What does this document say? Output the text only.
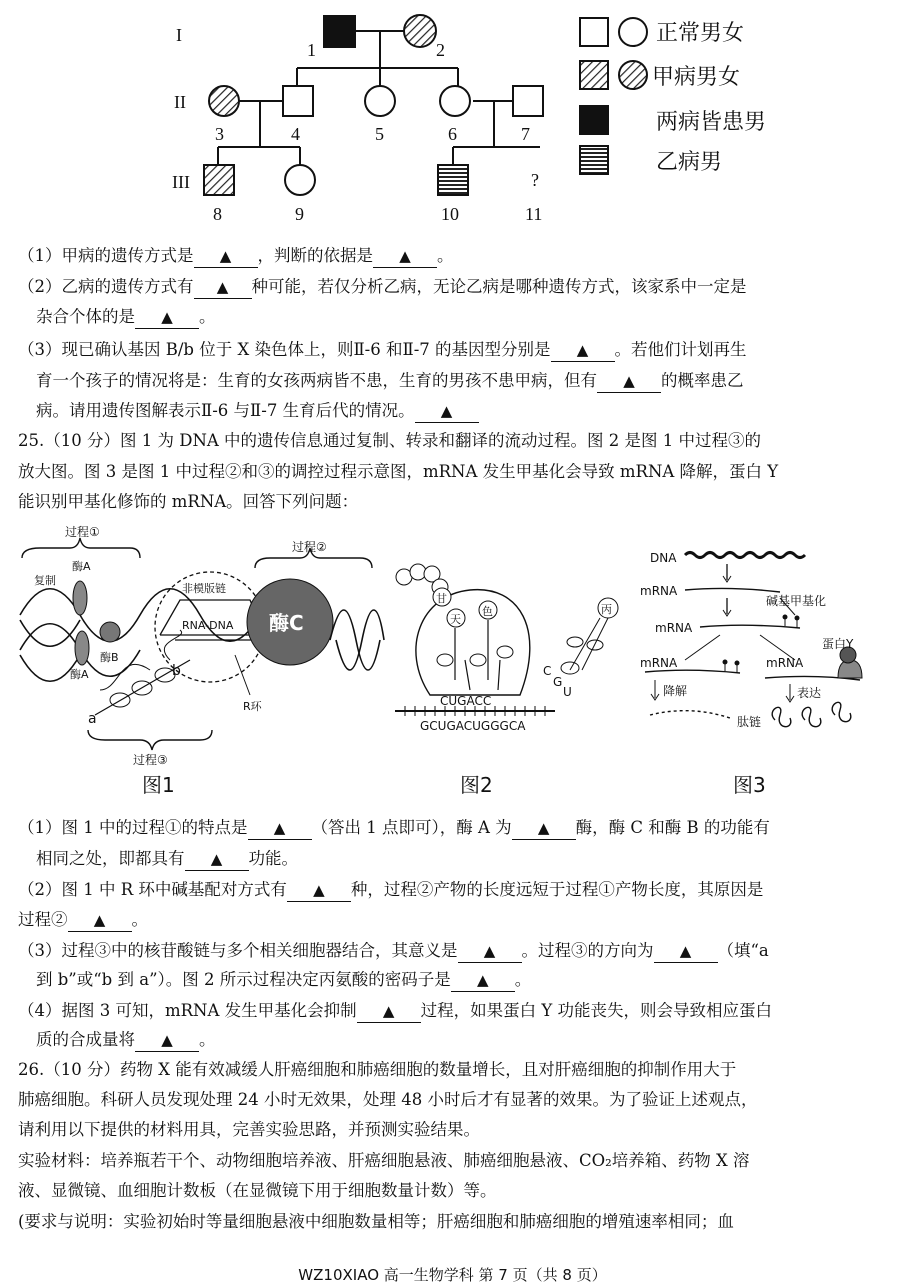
I
II
III
1	2
3	4	5	6	7
8	9	10	11
?
正常男女
甲病男女
两病皆患男
乙病男
（1）甲病的遗传方式是 ▲	，判断的依据是 ▲	。
（2）乙病的遗传方式有 ▲	种可能，若仅分析乙病，无论乙病是哪种遗传方式，该家系中一定是
杂合个体的是 ▲	。
（3）现已确认基因 B/b 位于 X 染色体上，则Ⅱ-6 和Ⅱ-7 的基因型分别是 ▲	。若他们计划再生
育一个孩子的情况将是：生育的女孩两病皆不患，生育的男孩不患甲病，但有 ▲	的概率患乙
病。请用遗传图解表示Ⅱ-6 与Ⅱ-7 生育后代的情况。▲
25.（10 分）图 1 为 DNA 中的遗传信息通过复制、转录和翻译的流动过程。图 2 是图 1 中过程③的
放大图。图 3 是图 1 中过程②和③的调控过程示意图，mRNA 发生甲基化会导致 mRNA 降解，蛋白 Y
能识别甲基化修饰的 mRNA。回答下列问题：
过程①
过程②
过程③
复制
酶A
酶A
酶B
非模版链
RNA-DNA
R环
酶C
a
b
图1
甘
天
色
CUGACC
GCUGACUGGGCA
丙
C
G
U
图2
DNA
mRNA
碱基甲基化
mRNA
mRNA	mRNA
蛋白Y
降解	表达
肽链
图3
（1）图 1 中的过程①的特点是 ▲	（答出 1 点即可），酶 A 为 ▲	酶，酶 C 和酶 B 的功能有
相同之处，即都具有 ▲	功能。
（2）图 1 中 R 环中碱基配对方式有 ▲	种，过程②产物的长度远短于过程①产物长度，其原因是
过程② ▲	。
（3）过程③中的核苷酸链与多个相关细胞器结合，其意义是 ▲	。过程③的方向为 ▲	（填“a
到 b”或“b 到 a”）。图 2 所示过程决定丙氨酸的密码子是 ▲	。
（4）据图 3 可知，mRNA 发生甲基化会抑制 ▲	过程，如果蛋白 Y 功能丧失，则会导致相应蛋白
质的合成量将 ▲	。
26.（10 分）药物 X 能有效减缓人肝癌细胞和肺癌细胞的数量增长，且对肝癌细胞的抑制作用大于
肺癌细胞。科研人员发现处理 24 小时无效果，处理 48 小时后才有显著的效果。为了验证上述观点，
请利用以下提供的材料用具，完善实验思路，并预测实验结果。
实验材料：培养瓶若干个、动物细胞培养液、肝癌细胞悬液、肺癌细胞悬液、CO₂培养箱、药物 X 溶
液、显微镜、血细胞计数板（在显微镜下用于细胞数量计数）等。
(要求与说明：实验初始时等量细胞悬液中细胞数量相等；肝癌细胞和肺癌细胞的增殖速率相同；血
WZ10XIAO 高一生物学科 第 7 页（共 8 页）
